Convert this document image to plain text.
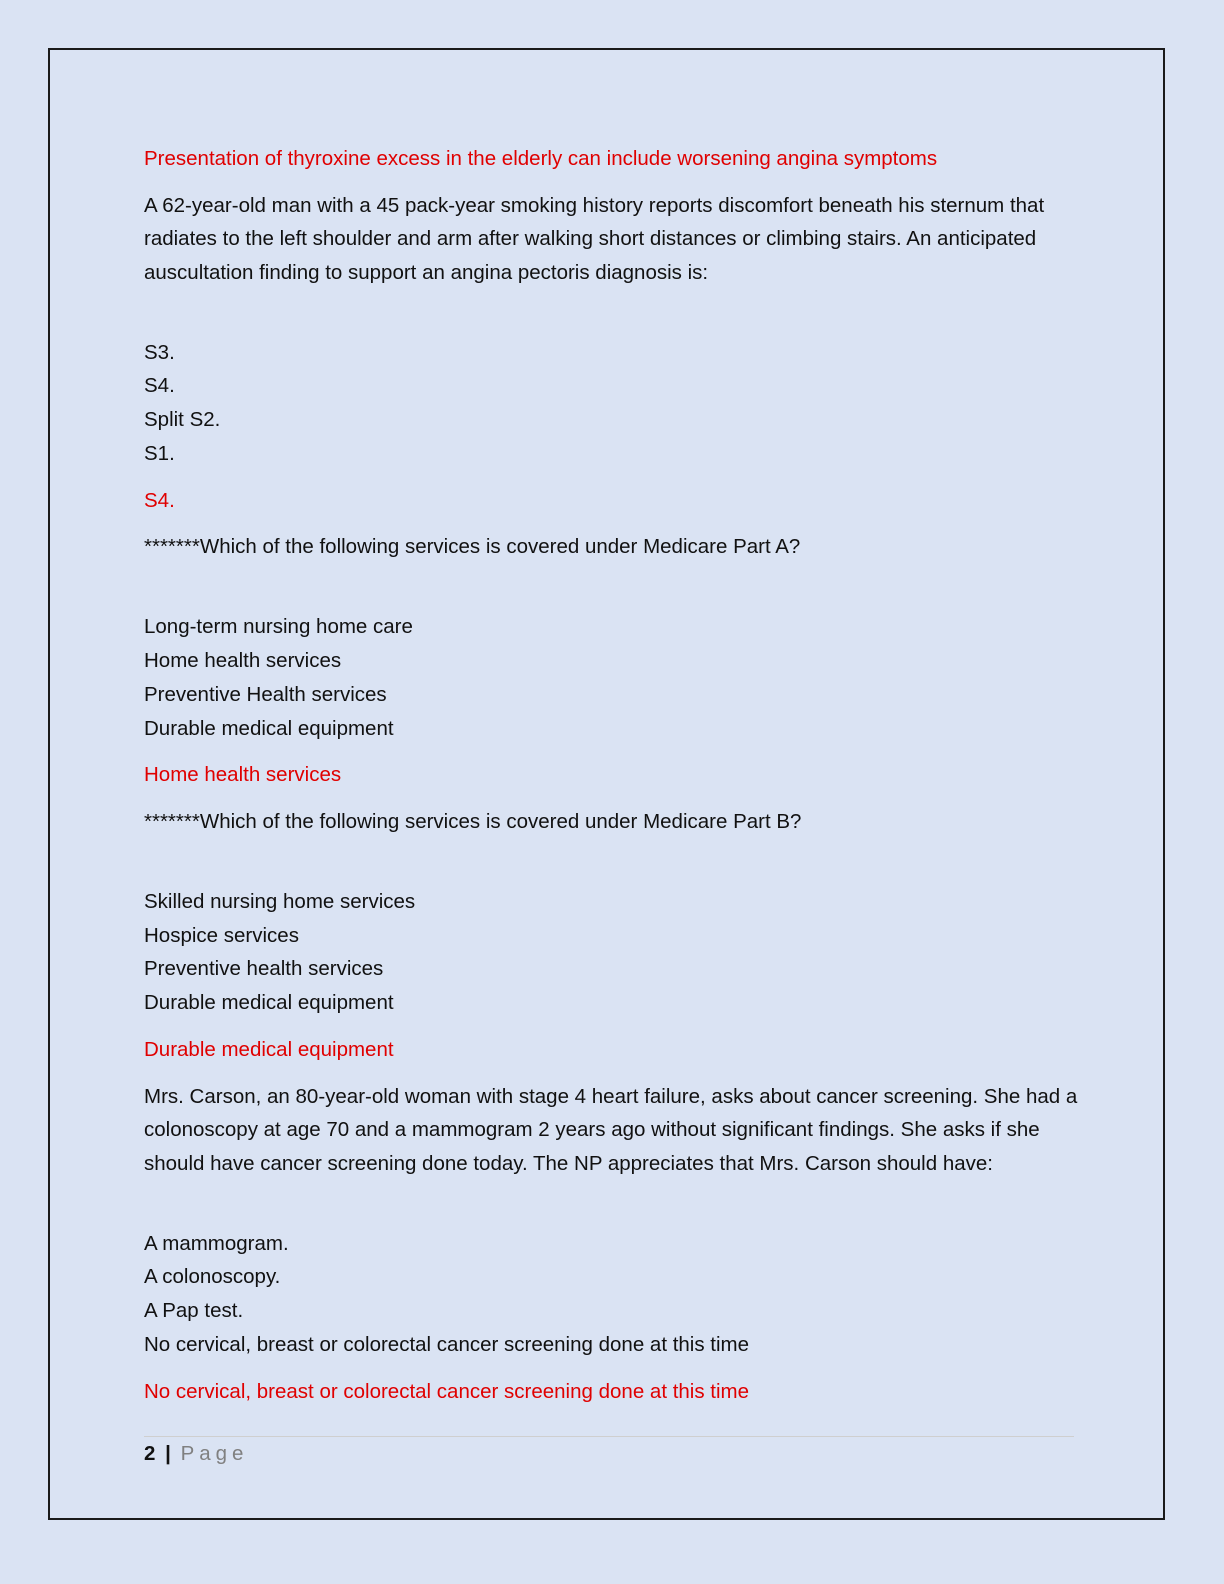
Presentation of thyroxine excess in the elderly can include worsening angina symptoms

A 62-year-old man with a 45 pack-year smoking history reports discomfort beneath his sternum that radiates to the left shoulder and arm after walking short distances or climbing stairs. An anticipated auscultation finding to support an angina pectoris diagnosis is:

S3.
S4.
Split S2.
S1.

S4.

*******Which of the following services is covered under Medicare Part A?

Long-term nursing home care
Home health services
Preventive Health services
Durable medical equipment

Home health services

*******Which of the following services is covered under Medicare Part B?

Skilled nursing home services
Hospice services
Preventive health services
Durable medical equipment

Durable medical equipment

Mrs. Carson, an 80-year-old woman with stage 4 heart failure, asks about cancer screening. She had a colonoscopy at age 70 and a mammogram 2 years ago without significant findings. She asks if she should have cancer screening done today. The NP appreciates that Mrs. Carson should have:

A mammogram.
A colonoscopy.
A Pap test.
No cervical, breast or colorectal cancer screening done at this time

No cervical, breast or colorectal cancer screening done at this time

2 | Page
